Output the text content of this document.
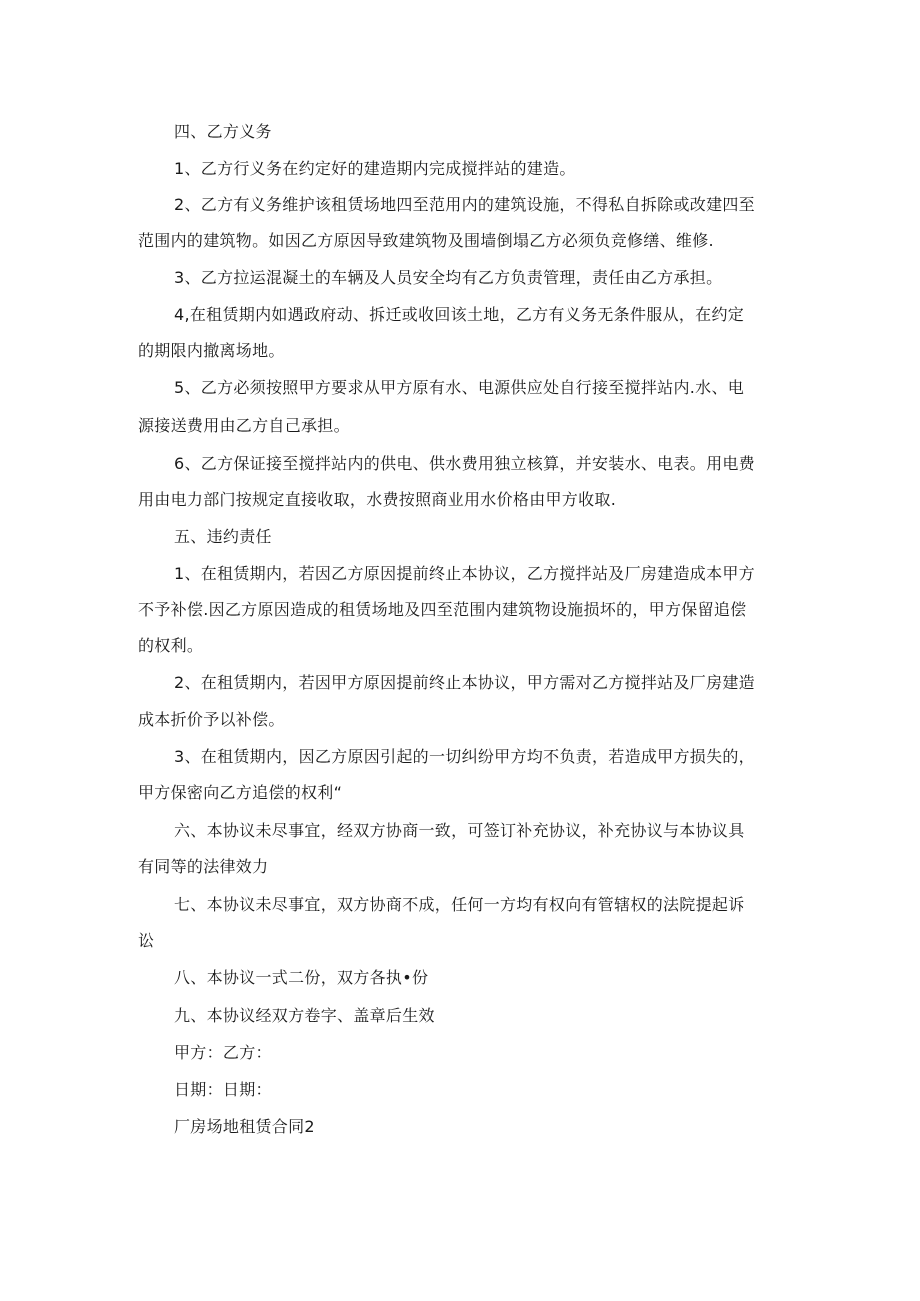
四、乙方义务
1、乙方行义务在约定好的建造期内完成搅拌站的建造。
2、乙方有义务维护该租赁场地四至范用内的建筑设施，不得私自拆除或改建四至
范围内的建筑物。如因乙方原因导致建筑物及围墙倒塌乙方必须负竞修缮、维修.
3、乙方拉运混凝土的车辆及人员安全均有乙方负责管理，责任由乙方承担。
4,在租赁期内如遇政府动、拆迁或收回该土地，乙方有义务无条件服从，在约定
的期限内撤离场地。
5、乙方必须按照甲方要求从甲方原有水、电源供应处自行接至搅拌站内.水、电
源接送费用由乙方自己承担。
6、乙方保证接至搅拌站内的供电、供水费用独立核算，并安装水、电表。用电费
用由电力部门按规定直接收取，水费按照商业用水价格由甲方收取.
五、违约责任
1、在租赁期内，若因乙方原因提前终止本协议，乙方搅拌站及厂房建造成本甲方
不予补偿.因乙方原因造成的租赁场地及四至范围内建筑物设施损坏的，甲方保留追偿
的权利。
2、在租赁期内，若因甲方原因提前终止本协议，甲方需对乙方搅拌站及厂房建造
成本折价予以补偿。
3、在租赁期内，因乙方原因引起的一切纠纷甲方均不负责，若造成甲方损失的，
甲方保密向乙方追偿的权利“
六、本协议未尽事宜，经双方协商一致，可签订补充协议，补充协议与本协议具
有同等的法律效力
七、本协议未尽事宜，双方协商不成，任何一方均有权向有管辖权的法院提起诉
讼
八、本协议一式二份，双方各执•份
九、本协议经双方卷字、盖章后生效
甲方：乙方：
日期：日期：
厂房场地租赁合同2
